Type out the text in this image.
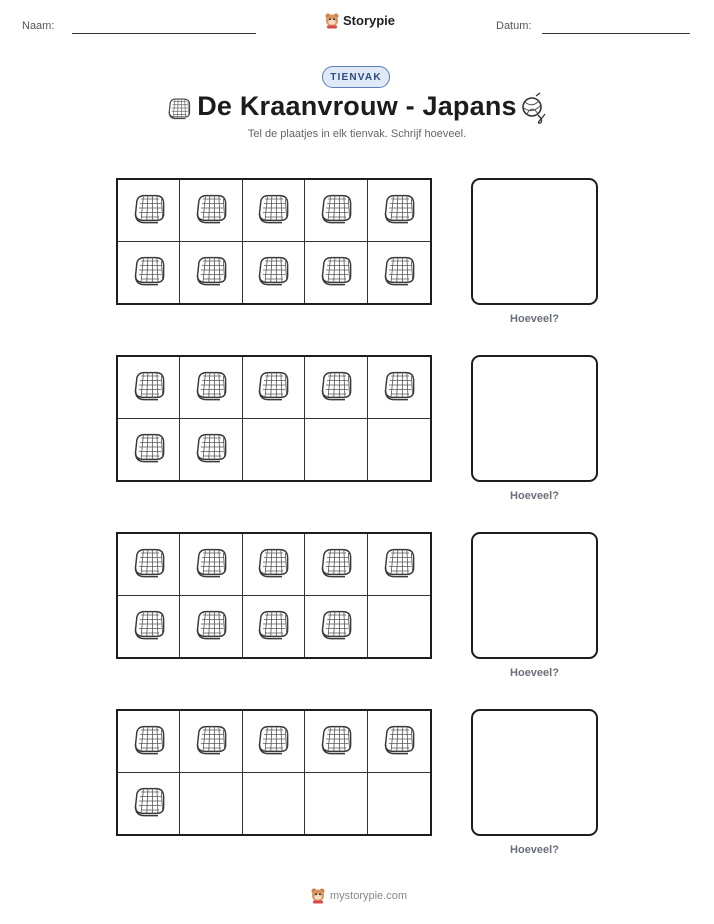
Naam:	Storypie	Datum:
TIENVAK
De Kraanvrouw - Japans
Tel de plaatjes in elk tienvak. Schrijf hoeveel.
Hoeveel?
Hoeveel?
Hoeveel?
Hoeveel?
mystorypie.com
